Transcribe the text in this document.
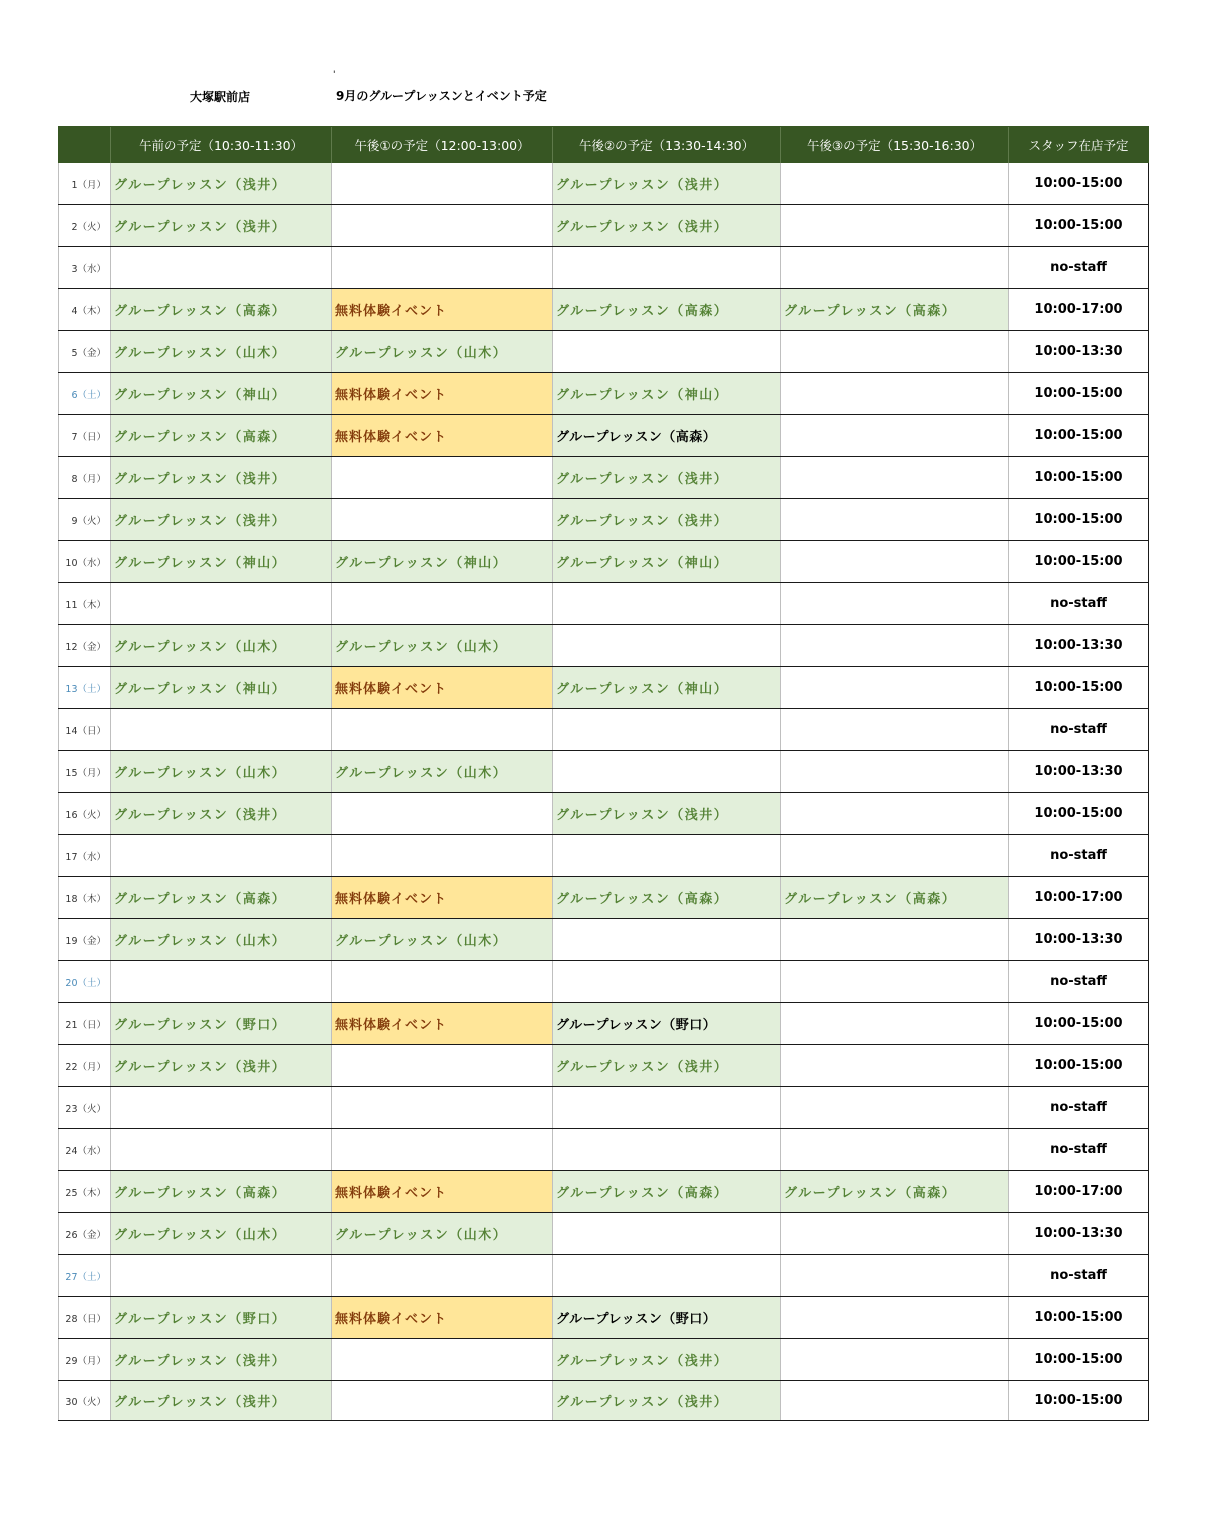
'
大塚駅前店	9月のグループレッスンとイベント予定
	午前の予定（10:30-11:30）	午後①の予定（12:00-13:00）	午後②の予定（13:30-14:30）	午後③の予定（15:30-16:30）	スタッフ在店予定
1（月）	グループレッスン（浅井）		グループレッスン（浅井）		10:00-15:00
2（火）	グループレッスン（浅井）		グループレッスン（浅井）		10:00-15:00
3（水）					no-staff
4（木）	グループレッスン（高森）	無料体験イベント	グループレッスン（高森）	グループレッスン（高森）	10:00-17:00
5（金）	グループレッスン（山木）	グループレッスン（山木）			10:00-13:30
6（土）	グループレッスン（神山）	無料体験イベント	グループレッスン（神山）		10:00-15:00
7（日）	グループレッスン（高森）	無料体験イベント	グループレッスン（高森）		10:00-15:00
8（月）	グループレッスン（浅井）		グループレッスン（浅井）		10:00-15:00
9（火）	グループレッスン（浅井）		グループレッスン（浅井）		10:00-15:00
10（水）	グループレッスン（神山）	グループレッスン（神山）	グループレッスン（神山）		10:00-15:00
11（木）					no-staff
12（金）	グループレッスン（山木）	グループレッスン（山木）			10:00-13:30
13（土）	グループレッスン（神山）	無料体験イベント	グループレッスン（神山）		10:00-15:00
14（日）					no-staff
15（月）	グループレッスン（山木）	グループレッスン（山木）			10:00-13:30
16（火）	グループレッスン（浅井）		グループレッスン（浅井）		10:00-15:00
17（水）					no-staff
18（木）	グループレッスン（高森）	無料体験イベント	グループレッスン（高森）	グループレッスン（高森）	10:00-17:00
19（金）	グループレッスン（山木）	グループレッスン（山木）			10:00-13:30
20（土）					no-staff
21（日）	グループレッスン（野口）	無料体験イベント	グループレッスン（野口）		10:00-15:00
22（月）	グループレッスン（浅井）		グループレッスン（浅井）		10:00-15:00
23（火）					no-staff
24（水）					no-staff
25（木）	グループレッスン（高森）	無料体験イベント	グループレッスン（高森）	グループレッスン（高森）	10:00-17:00
26（金）	グループレッスン（山木）	グループレッスン（山木）			10:00-13:30
27（土）					no-staff
28（日）	グループレッスン（野口）	無料体験イベント	グループレッスン（野口）		10:00-15:00
29（月）	グループレッスン（浅井）		グループレッスン（浅井）		10:00-15:00
30（火）	グループレッスン（浅井）		グループレッスン（浅井）		10:00-15:00
